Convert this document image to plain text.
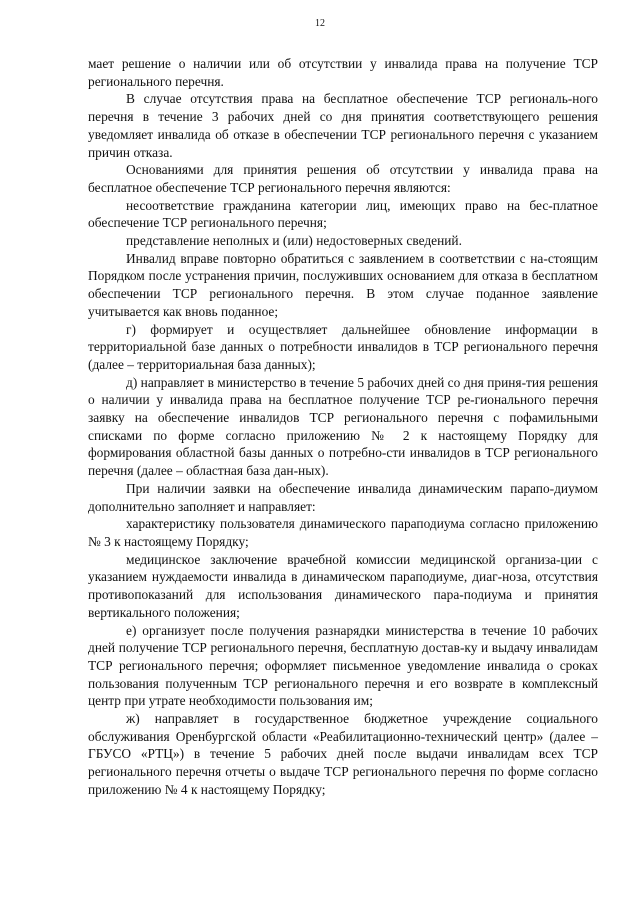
12

мает решение о наличии или об отсутствии у инвалида права на получение ТСР регионального перечня.

В случае отсутствия права на бесплатное обеспечение ТСР региональ-ного перечня в течение 3 рабочих дней со дня принятия соответствующего решения уведомляет инвалида об отказе в обеспечении ТСР регионального перечня с указанием причин отказа.

Основаниями для принятия решения об отсутствии у инвалида права на бесплатное обеспечение ТСР регионального перечня являются:

несоответствие гражданина категории лиц, имеющих право на бес-платное обеспечение ТСР регионального перечня;

представление неполных и (или) недостоверных сведений.

Инвалид вправе повторно обратиться с заявлением в соответствии с на-стоящим Порядком после устранения причин, послуживших основанием для отказа в бесплатном обеспечении ТСР регионального перечня. В этом случае поданное заявление учитывается как вновь поданное;

г) формирует и осуществляет дальнейшее обновление информации в территориальной базе данных о потребности инвалидов в ТСР регионального перечня (далее – территориальная база данных);

д) направляет в министерство в течение 5 рабочих дней со дня приня-тия решения о наличии у инвалида права на бесплатное получение ТСР ре-гионального перечня заявку на обеспечение инвалидов ТСР регионального перечня с пофамильными списками по форме согласно приложению № 2 к настоящему Порядку для формирования областной базы данных о потребно-сти инвалидов в ТСР регионального перечня (далее – областная база дан-ных).

При наличии заявки на обеспечение инвалида динамическим парапо-диумом дополнительно заполняет и направляет:

характеристику пользователя динамического параподиума согласно приложению № 3 к настоящему Порядку;

медицинское заключение врачебной комиссии медицинской организа-ции с указанием нуждаемости инвалида в динамическом параподиуме, диаг-ноза, отсутствия противопоказаний для использования динамического пара-подиума и принятия вертикального положения;

е) организует после получения разнарядки министерства в течение 10 рабочих дней получение ТСР регионального перечня, бесплатную достав-ку и выдачу инвалидам ТСР регионального перечня; оформляет письменное уведомление инвалида о сроках пользования полученным ТСР регионального перечня и его возврате в комплексный центр при утрате необходимости пользования им;

ж) направляет в государственное бюджетное учреждение социального обслуживания Оренбургской области «Реабилитационно-технический центр» (далее – ГБУСО «РТЦ») в течение 5 рабочих дней после выдачи инвалидам всех ТСР регионального перечня отчеты о выдаче ТСР регионального перечня по форме согласно приложению № 4 к настоящему Порядку;
